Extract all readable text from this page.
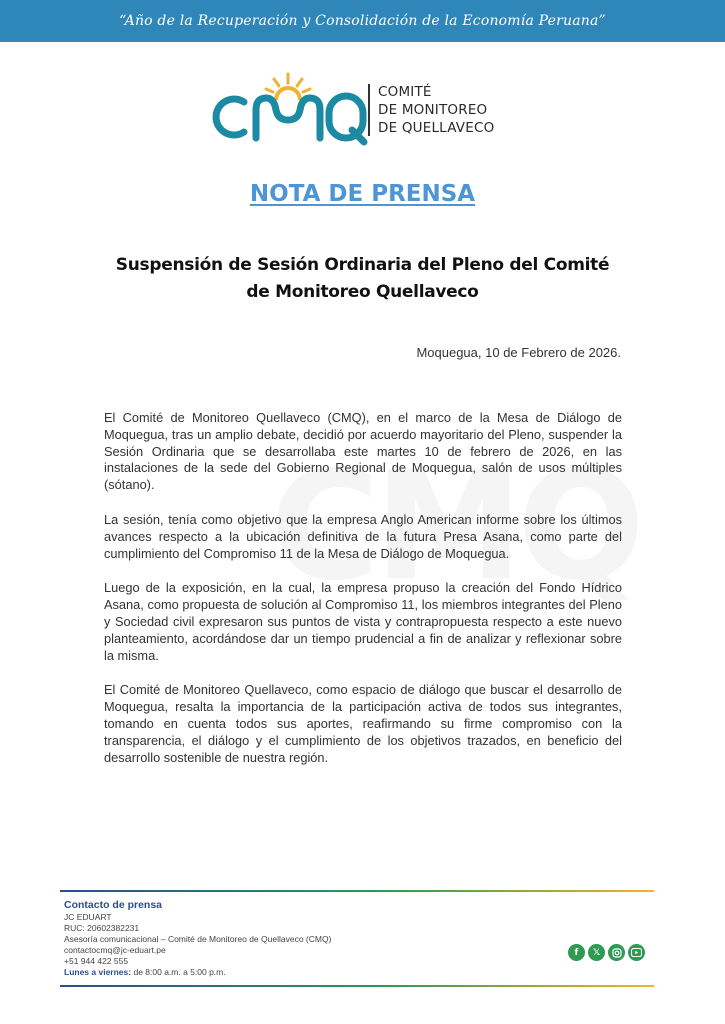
“Año de la Recuperación y Consolidación de la Economía Peruana”
COMITÉ
DE MONITOREO
DE QUELLAVECO
NOTA DE PRENSA
Suspensión de Sesión Ordinaria del Pleno del Comité de Monitoreo Quellaveco
Moquegua, 10 de Febrero de 2026.

El Comité de Monitoreo Quellaveco (CMQ), en el marco de la Mesa de Diálogo de Moquegua, tras un amplio debate, decidió por acuerdo mayoritario del Pleno, suspender la Sesión Ordinaria que se desarrollaba este martes 10 de febrero de 2026, en las instalaciones de la sede del Gobierno Regional de Moquegua, salón de usos múltiples (sótano).

La sesión, tenía como objetivo que la empresa Anglo American informe sobre los últimos avances respecto a la ubicación definitiva de la futura Presa Asana, como parte del cumplimiento del Compromiso 11 de la Mesa de Diálogo de Moquegua.

Luego de la exposición, en la cual, la empresa propuso la creación del Fondo Hídrico Asana, como propuesta de solución al Compromiso 11, los miembros integrantes del Pleno y Sociedad civil expresaron sus puntos de vista y contrapropuesta respecto a este nuevo planteamiento, acordándose dar un tiempo prudencial a fin de analizar y reflexionar sobre la misma.

El Comité de Monitoreo Quellaveco, como espacio de diálogo que buscar el desarrollo de Moquegua, resalta la importancia de la participación activa de todos sus integrantes, tomando en cuenta todos sus aportes, reafirmando su firme compromiso con la transparencia, el diálogo y el cumplimiento de los objetivos trazados, en beneficio del desarrollo sostenible de nuestra región.

Contacto de prensa
JC EDUART
RUC: 20602382231
Asesoría comunicacional – Comité de Monitoreo de Quellaveco (CMQ)
contactocmq@jc-eduart.pe
+51 944 422 555
Lunes a viernes: de 8:00 a.m. a 5:00 p.m.
f	𝕏
